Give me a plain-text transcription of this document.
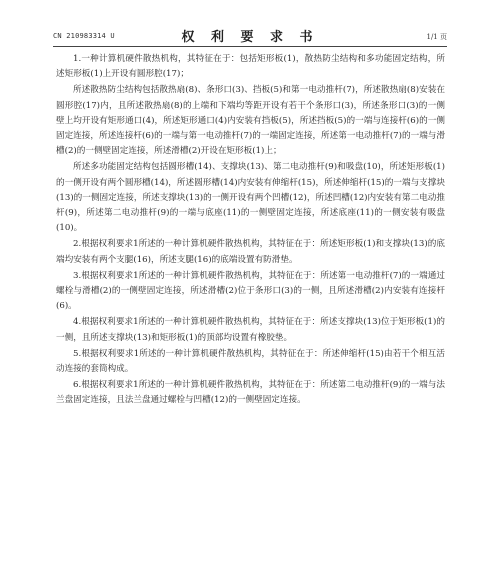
CN 210983314 U	权 利 要 求 书	1/1 页

1.一种计算机硬件散热机构，其特征在于：包括矩形板(1)，散热防尘结构和多功能固定结构，所述矩形板(1)上开设有圆形腔(17)；

所述散热防尘结构包括散热扇(8)、条形口(3)、挡板(5)和第一电动推杆(7)，所述散热扇(8)安装在圆形腔(17)内，且所述散热扇(8)的上端和下端均等距开设有若干个条形口(3)，所述条形口(3)的一侧壁上均开设有矩形通口(4)，所述矩形通口(4)内安装有挡板(5)，所述挡板(5)的一端与连接杆(6)的一侧固定连接，所述连接杆(6)的一端与第一电动推杆(7)的一端固定连接，所述第一电动推杆(7)的一端与滑槽(2)的一侧壁固定连接，所述滑槽(2)开设在矩形板(1)上；

所述多功能固定结构包括圆形槽(14)、支撑块(13)、第二电动推杆(9)和吸盘(10)，所述矩形板(1)的一侧开设有两个圆形槽(14)，所述圆形槽(14)内安装有伸缩杆(15)，所述伸缩杆(15)的一端与支撑块(13)的一侧固定连接，所述支撑块(13)的一侧开设有两个凹槽(12)，所述凹槽(12)内安装有第二电动推杆(9)，所述第二电动推杆(9)的一端与底座(11)的一侧壁固定连接，所述底座(11)的一侧安装有吸盘(10)。

2.根据权利要求1所述的一种计算机硬件散热机构，其特征在于：所述矩形板(1)和支撑块(13)的底端均安装有两个支腿(16)，所述支腿(16)的底端设置有防滑垫。

3.根据权利要求1所述的一种计算机硬件散热机构，其特征在于：所述第一电动推杆(7)的一端通过螺栓与滑槽(2)的一侧壁固定连接，所述滑槽(2)位于条形口(3)的一侧，且所述滑槽(2)内安装有连接杆(6)。

4.根据权利要求1所述的一种计算机硬件散热机构，其特征在于：所述支撑块(13)位于矩形板(1)的一侧，且所述支撑块(13)和矩形板(1)的顶部均设置有橡胶垫。

5.根据权利要求1所述的一种计算机硬件散热机构，其特征在于：所述伸缩杆(15)由若干个相互活动连接的套筒构成。

6.根据权利要求1所述的一种计算机硬件散热机构，其特征在于：所述第二电动推杆(9)的一端与法兰盘固定连接，且法兰盘通过螺栓与凹槽(12)的一侧壁固定连接。
